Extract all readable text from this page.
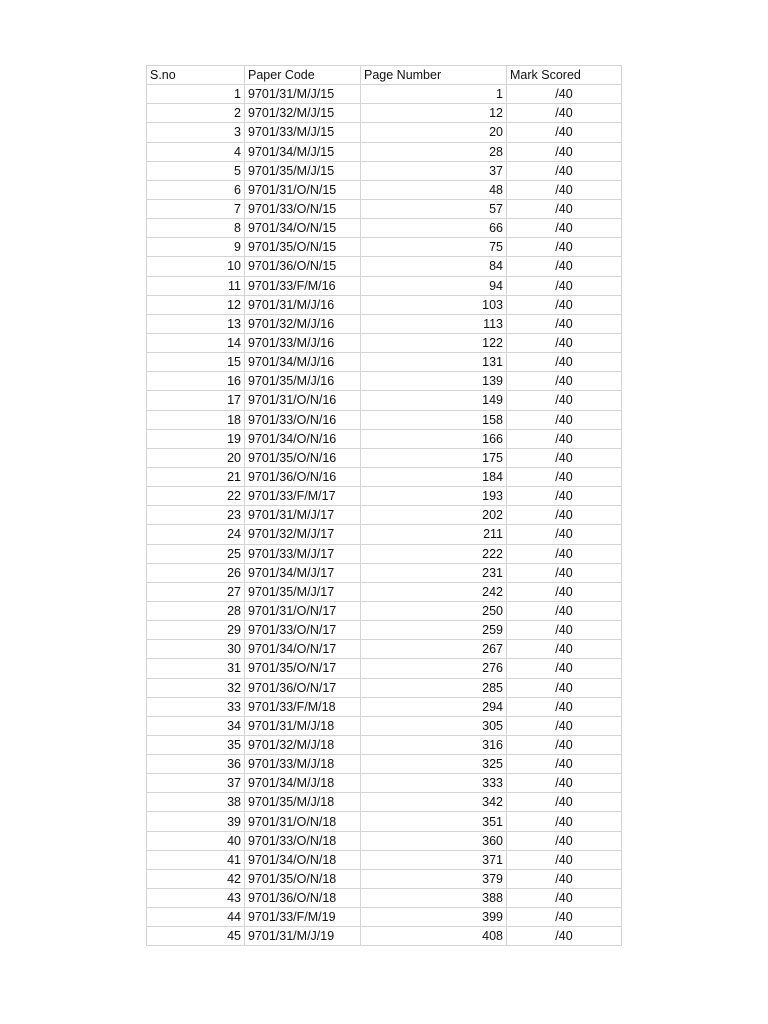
S.no	Paper Code	Page Number	Mark Scored
1	9701/31/M/J/15	1	/40
2	9701/32/M/J/15	12	/40
3	9701/33/M/J/15	20	/40
4	9701/34/M/J/15	28	/40
5	9701/35/M/J/15	37	/40
6	9701/31/O/N/15	48	/40
7	9701/33/O/N/15	57	/40
8	9701/34/O/N/15	66	/40
9	9701/35/O/N/15	75	/40
10	9701/36/O/N/15	84	/40
11	9701/33/F/M/16	94	/40
12	9701/31/M/J/16	103	/40
13	9701/32/M/J/16	113	/40
14	9701/33/M/J/16	122	/40
15	9701/34/M/J/16	131	/40
16	9701/35/M/J/16	139	/40
17	9701/31/O/N/16	149	/40
18	9701/33/O/N/16	158	/40
19	9701/34/O/N/16	166	/40
20	9701/35/O/N/16	175	/40
21	9701/36/O/N/16	184	/40
22	9701/33/F/M/17	193	/40
23	9701/31/M/J/17	202	/40
24	9701/32/M/J/17	211	/40
25	9701/33/M/J/17	222	/40
26	9701/34/M/J/17	231	/40
27	9701/35/M/J/17	242	/40
28	9701/31/O/N/17	250	/40
29	9701/33/O/N/17	259	/40
30	9701/34/O/N/17	267	/40
31	9701/35/O/N/17	276	/40
32	9701/36/O/N/17	285	/40
33	9701/33/F/M/18	294	/40
34	9701/31/M/J/18	305	/40
35	9701/32/M/J/18	316	/40
36	9701/33/M/J/18	325	/40
37	9701/34/M/J/18	333	/40
38	9701/35/M/J/18	342	/40
39	9701/31/O/N/18	351	/40
40	9701/33/O/N/18	360	/40
41	9701/34/O/N/18	371	/40
42	9701/35/O/N/18	379	/40
43	9701/36/O/N/18	388	/40
44	9701/33/F/M/19	399	/40
45	9701/31/M/J/19	408	/40
